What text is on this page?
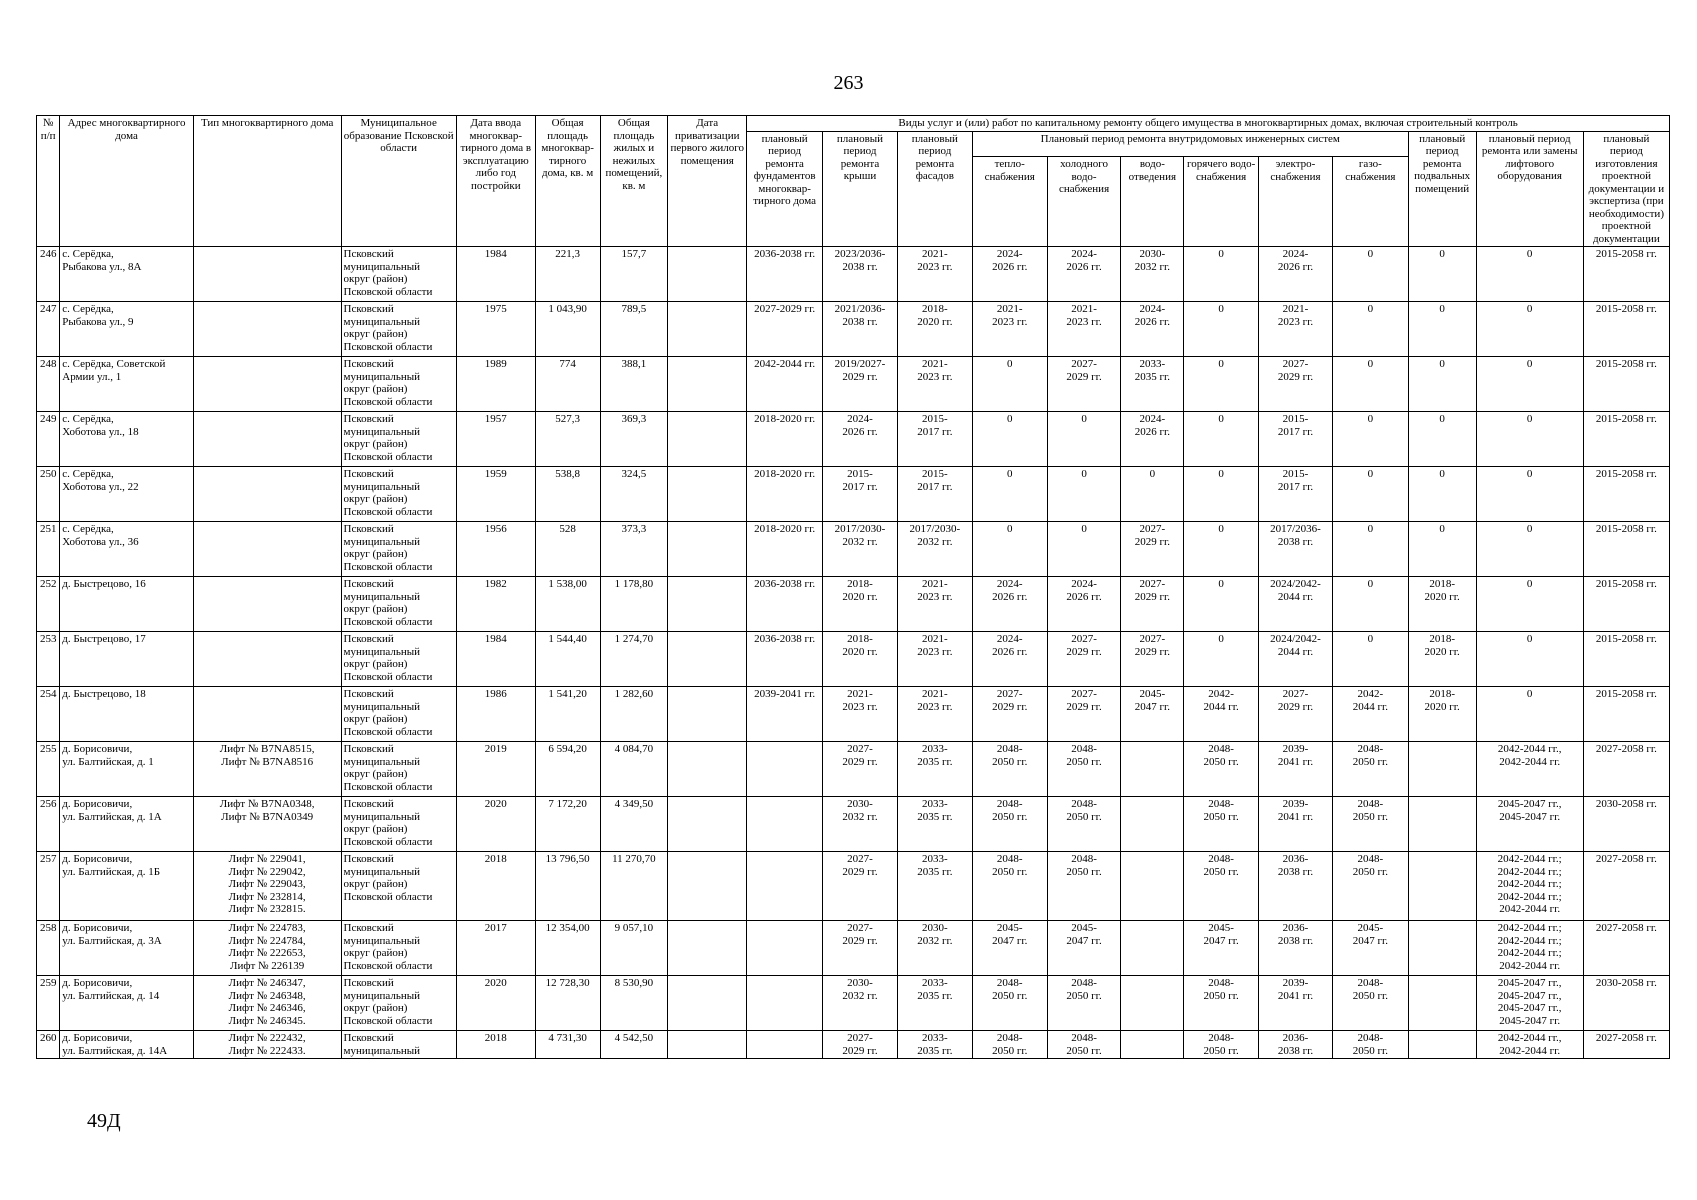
263
№ п/п	Адрес многоквартирного дома	Тип многоквартирного дома	Муниципальное образование Псковской области	Дата ввода многоквар-тирного дома в эксплуатацию либо год постройки	Общая площадь многоквар-тирного дома, кв. м	Общая площадь жилых и нежилых помещений, кв. м	Дата приватизации первого жилого помещения	Виды услуг и (или) работ по капитальному ремонту общего имущества в многоквартирных домах, включая строительный контроль											
								плановый период ремонта фундаментов многоквар-тирного дома	плановый период ремонта крыши	плановый период ремонта фасадов	Плановый период ремонта внутридомовых инженерных систем						плановый период ремонта подвальных помещений	плановый период ремонта или замены лифтового оборудования	плановый период изготовления проектной документации и экспертиза (при необходимости) проектной документации
											тепло-снабжения	холодного водо-снабжения	водо-отведения	горячего водо-снабжения	электро-снабжения	газо-снабжения			
246	с. Серёдка,
Рыбакова ул., 8А		Псковский
муниципальный
округ (район)
Псковской области	1984	221,3	157,7		2036-2038 гг.	2023/2036-
2038 гг.	2021-
2023 гг.	2024-
2026 гг.	2024-
2026 гг.	2030-
2032 гг.	0	2024-
2026 гг.	0	0	0	2015-2058 гг.

247	с. Серёдка,
Рыбакова ул., 9		Псковский
муниципальный
округ (район)
Псковской области	1975	1 043,90	789,5		2027-2029 гг.	2021/2036-
2038 гг.	2018-
2020 гг.	2021-
2023 гг.	2021-
2023 гг.	2024-
2026 гг.	0	2021-
2023 гг.	0	0	0	2015-2058 гг.

248	с. Серёдка, Советской
Армии ул., 1		Псковский
муниципальный
округ (район)
Псковской области	1989	774	388,1		2042-2044 гг.	2019/2027-
2029 гг.	2021-
2023 гг.	0	2027-
2029 гг.	2033-
2035 гг.	0	2027-
2029 гг.	0	0	0	2015-2058 гг.

249	с. Серёдка,
Хоботова ул., 18		Псковский
муниципальный
округ (район)
Псковской области	1957	527,3	369,3		2018-2020 гг.	2024-
2026 гг.	2015-
2017 гг.	0	0	2024-
2026 гг.	0	2015-
2017 гг.	0	0	0	2015-2058 гг.

250	с. Серёдка,
Хоботова ул., 22		Псковский
муниципальный
округ (район)
Псковской области	1959	538,8	324,5		2018-2020 гг.	2015-
2017 гг.	2015-
2017 гг.	0	0	0	0	2015-
2017 гг.	0	0	0	2015-2058 гг.

251	с. Серёдка,
Хоботова ул., 36		Псковский
муниципальный
округ (район)
Псковской области	1956	528	373,3		2018-2020 гг.	2017/2030-
2032 гг.	2017/2030-
2032 гг.	0	0	2027-
2029 гг.	0	2017/2036-
2038 гг.	0	0	0	2015-2058 гг.

252	д. Быстрецово, 16		Псковский
муниципальный
округ (район)
Псковской области	1982	1 538,00	1 178,80		2036-2038 гг.	2018-
2020 гг.	2021-
2023 гг.	2024-
2026 гг.	2024-
2026 гг.	2027-
2029 гг.	0	2024/2042-
2044 гг.	0	2018-
2020 гг.	0	2015-2058 гг.

253	д. Быстрецово, 17		Псковский
муниципальный
округ (район)
Псковской области	1984	1 544,40	1 274,70		2036-2038 гг.	2018-
2020 гг.	2021-
2023 гг.	2024-
2026 гг.	2027-
2029 гг.	2027-
2029 гг.	0	2024/2042-
2044 гг.	0	2018-
2020 гг.	0	2015-2058 гг.

254	д. Быстрецово, 18		Псковский
муниципальный
округ (район)
Псковской области	1986	1 541,20	1 282,60		2039-2041 гг.	2021-
2023 гг.	2021-
2023 гг.	2027-
2029 гг.	2027-
2029 гг.	2045-
2047 гг.	2042-
2044 гг.	2027-
2029 гг.	2042-
2044 гг.	2018-
2020 гг.	0	2015-2058 гг.

255	д. Борисовичи,
ул. Балтийская, д. 1	Лифт № B7NA8515,
Лифт № B7NA8516	Псковский
муниципальный
округ (район)
Псковской области	2019	6 594,20	4 084,70			2027-
2029 гг.	2033-
2035 гг.	2048-
2050 гг.	2048-
2050 гг.		2048-
2050 гг.	2039-
2041 гг.	2048-
2050 гг.		2042-2044 гг.,
2042-2044 гг.	2027-2058 гг.

256	д. Борисовичи,
ул. Балтийская, д. 1А	Лифт № B7NA0348,
Лифт № B7NA0349	Псковский
муниципальный
округ (район)
Псковской области	2020	7 172,20	4 349,50			2030-
2032 гг.	2033-
2035 гг.	2048-
2050 гг.	2048-
2050 гг.		2048-
2050 гг.	2039-
2041 гг.	2048-
2050 гг.		2045-2047 гг.,
2045-2047 гг.	2030-2058 гг.

257	д. Борисовичи,
ул. Балтийская, д. 1Б	Лифт № 229041,
Лифт № 229042,
Лифт № 229043,
Лифт № 232814,
Лифт № 232815.	Псковский
муниципальный
округ (район)
Псковской области	2018	13 796,50	11 270,70			2027-
2029 гг.	2033-
2035 гг.	2048-
2050 гг.	2048-
2050 гг.		2048-
2050 гг.	2036-
2038 гг.	2048-
2050 гг.		2042-2044 гг.;
2042-2044 гг.;
2042-2044 гг.;
2042-2044 гг.;
2042-2044 гг.	2027-2058 гг.

258	д. Борисовичи,
ул. Балтийская, д. 3А	Лифт № 224783,
Лифт № 224784,
Лифт № 222653,
Лифт № 226139	Псковский
муниципальный
округ (район)
Псковской области	2017	12 354,00	9 057,10			2027-
2029 гг.	2030-
2032 гг.	2045-
2047 гг.	2045-
2047 гг.		2045-
2047 гг.	2036-
2038 гг.	2045-
2047 гг.		2042-2044 гг.;
2042-2044 гг.;
2042-2044 гг.;
2042-2044 гг.	2027-2058 гг.

259	д. Борисовичи,
ул. Балтийская, д. 14	Лифт № 246347,
Лифт № 246348,
Лифт № 246346,
Лифт № 246345.	Псковский
муниципальный
округ (район)
Псковской области	2020	12 728,30	8 530,90			2030-
2032 гг.	2033-
2035 гг.	2048-
2050 гг.	2048-
2050 гг.		2048-
2050 гг.	2039-
2041 гг.	2048-
2050 гг.		2045-2047 гг.,
2045-2047 гг.,
2045-2047 гг.,
2045-2047 гг.	2030-2058 гг.

260	д. Борисовичи,
ул. Балтийская, д. 14А	Лифт № 222432,
Лифт № 222433.	Псковский
муниципальный	2018	4 731,30	4 542,50			2027-
2029 гг.	2033-
2035 гг.	2048-
2050 гг.	2048-
2050 гг.		2048-
2050 гг.	2036-
2038 гг.	2048-
2050 гг.		2042-2044 гг.,
2042-2044 гг.	2027-2058 гг.
49Д
